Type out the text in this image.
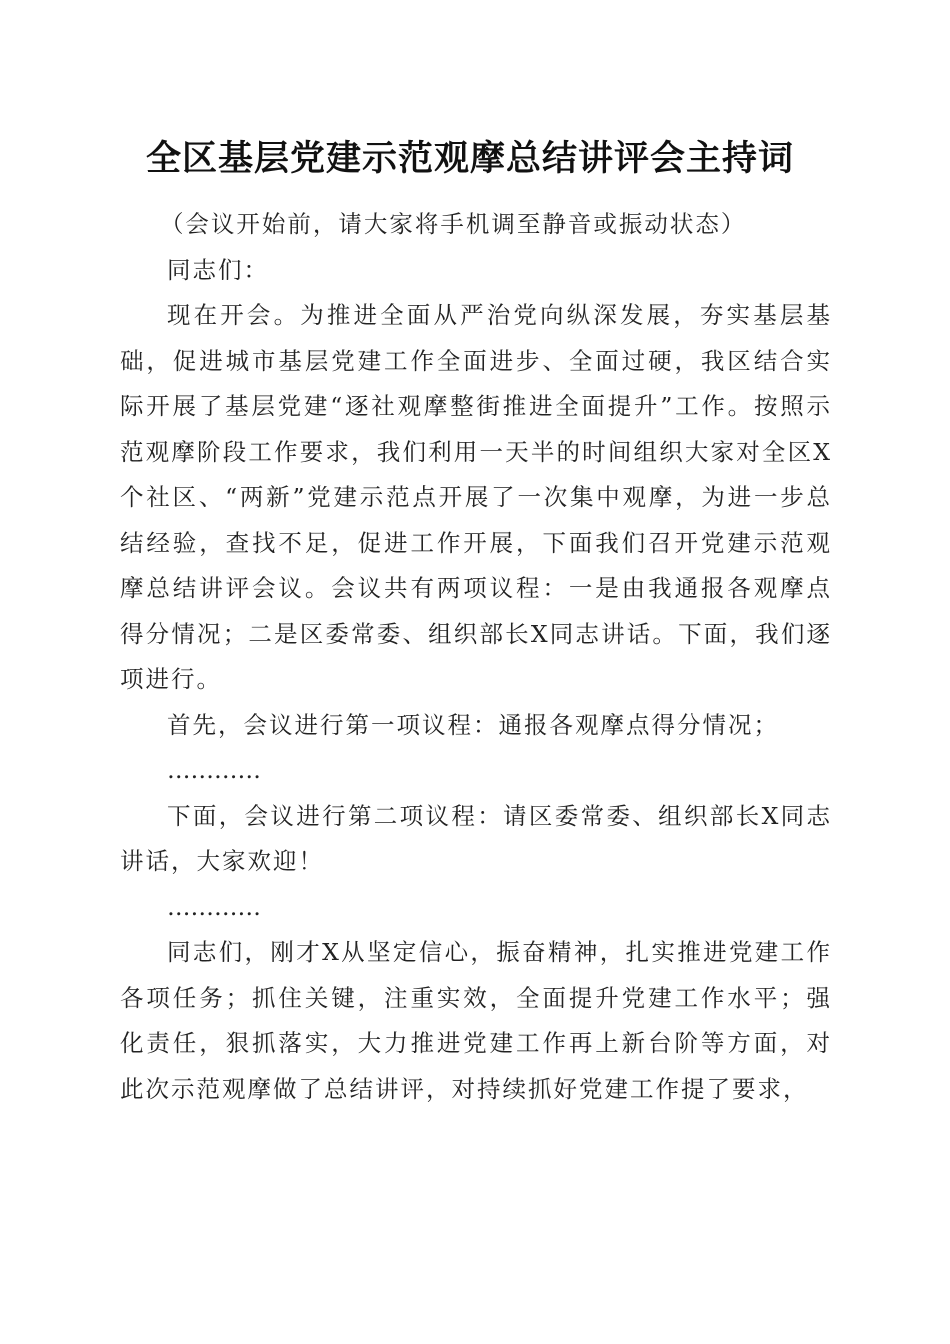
全区基层党建示范观摩总结讲评会主持词

（会议开始前，请大家将手机调至静音或振动状态）

同志们：

现在开会。为推进全面从严治党向纵深发展，夯实基层基础，促进城市基层党建工作全面进步、全面过硬，我区结合实际开展了基层党建“逐社观摩整街推进全面提升”工作。按照示范观摩阶段工作要求，我们利用一天半的时间组织大家对全区X个社区、“两新”党建示范点开展了一次集中观摩，为进一步总结经验，查找不足，促进工作开展，下面我们召开党建示范观摩总结讲评会议。会议共有两项议程：一是由我通报各观摩点得分情况；二是区委常委、组织部长X同志讲话。下面，我们逐项进行。

首先，会议进行第一项议程：通报各观摩点得分情况；

…………

下面，会议进行第二项议程：请区委常委、组织部长X同志讲话，大家欢迎！

…………

同志们，刚才X从坚定信心，振奋精神，扎实推进党建工作各项任务；抓住关键，注重实效，全面提升党建工作水平；强化责任，狠抓落实，大力推进党建工作再上新台阶等方面，对此次示范观摩做了总结讲评，对持续抓好党建工作提了要求，
